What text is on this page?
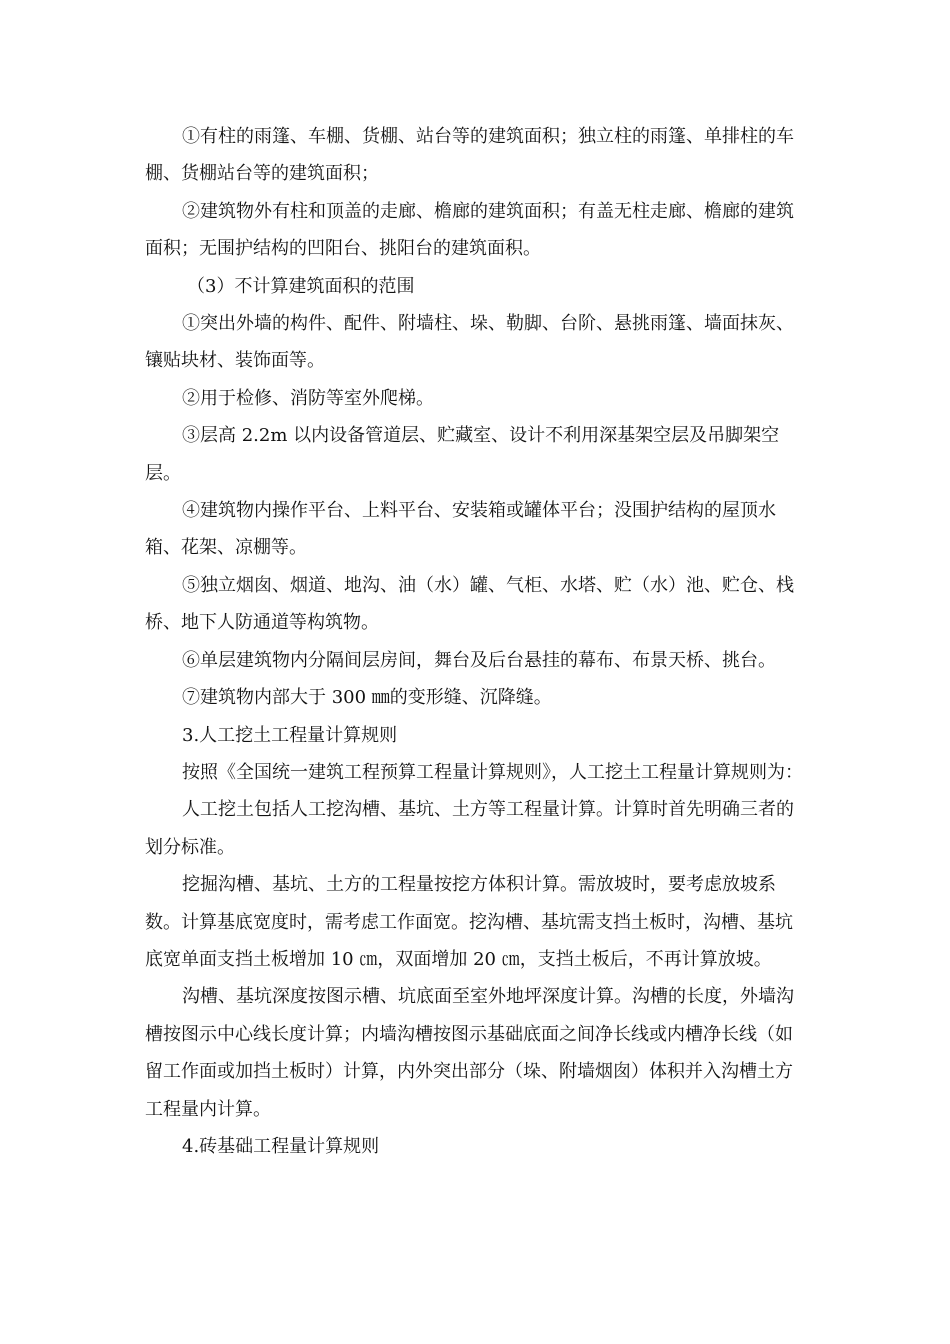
①有柱的雨篷、车棚、货棚、站台等的建筑面积；独立柱的雨篷、单排柱的车棚、货棚站台等的建筑面积；

②建筑物外有柱和顶盖的走廊、檐廊的建筑面积；有盖无柱走廊、檐廊的建筑面积；无围护结构的凹阳台、挑阳台的建筑面积。

（3）不计算建筑面积的范围

①突出外墙的构件、配件、附墙柱、垛、勒脚、台阶、悬挑雨篷、墙面抹灰、镶贴块材、装饰面等。

②用于检修、消防等室外爬梯。

③层高 2.2m 以内设备管道层、贮藏室、设计不利用深基架空层及吊脚架空层。

④建筑物内操作平台、上料平台、安装箱或罐体平台；没围护结构的屋顶水箱、花架、凉棚等。

⑤独立烟囱、烟道、地沟、油（水）罐、气柜、水塔、贮（水）池、贮仓、栈桥、地下人防通道等构筑物。

⑥单层建筑物内分隔间层房间，舞台及后台悬挂的幕布、布景天桥、挑台。

⑦建筑物内部大于 300 ㎜的变形缝、沉降缝。

3.人工挖土工程量计算规则

按照《全国统一建筑工程预算工程量计算规则》，人工挖土工程量计算规则为：

人工挖土包括人工挖沟槽、基坑、土方等工程量计算。计算时首先明确三者的划分标准。

挖掘沟槽、基坑、土方的工程量按挖方体积计算。需放坡时，要考虑放坡系数。计算基底宽度时，需考虑工作面宽。挖沟槽、基坑需支挡土板时，沟槽、基坑底宽单面支挡土板增加 10 ㎝，双面增加 20 ㎝，支挡土板后，不再计算放坡。

沟槽、基坑深度按图示槽、坑底面至室外地坪深度计算。沟槽的长度，外墙沟槽按图示中心线长度计算；内墙沟槽按图示基础底面之间净长线或内槽净长线（如留工作面或加挡土板时）计算，内外突出部分（垛、附墙烟囱）体积并入沟槽土方工程量内计算。

4.砖基础工程量计算规则
